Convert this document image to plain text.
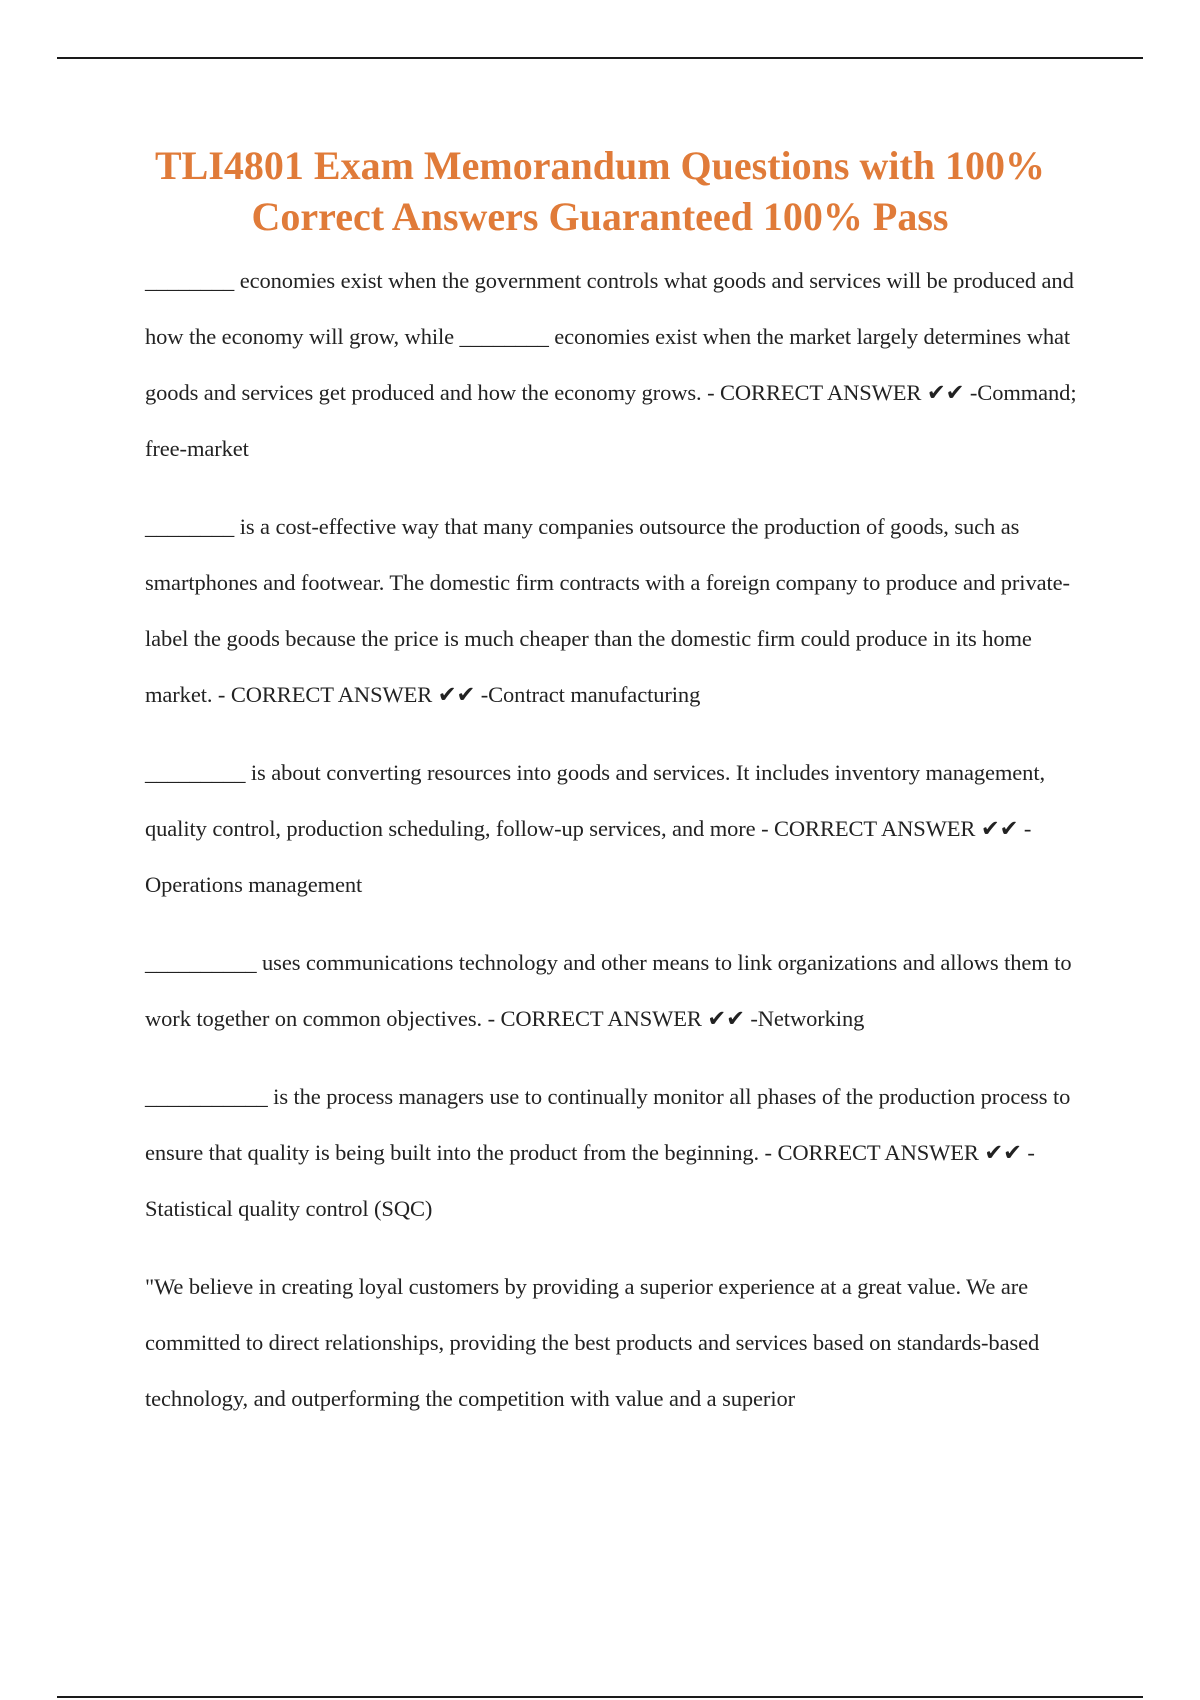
TLI4801 Exam Memorandum Questions with 100%
Correct Answers Guaranteed 100% Pass

________ economies exist when the government controls what goods and services will be produced and how the economy will grow, while ________ economies exist when the market largely determines what goods and services get produced and how the economy grows. - CORRECT ANSWER ✔✔ -Command; free-market

________ is a cost-effective way that many companies outsource the production of goods, such as smartphones and footwear. The domestic firm contracts with a foreign company to produce and private-label the goods because the price is much cheaper than the domestic firm could produce in its home market. - CORRECT ANSWER ✔✔ -Contract manufacturing

_________ is about converting resources into goods and services. It includes inventory management, quality control, production scheduling, follow-up services, and more - CORRECT ANSWER ✔✔ -Operations management

__________ uses communications technology and other means to link organizations and allows them to work together on common objectives. - CORRECT ANSWER ✔✔ -Networking

___________ is the process managers use to continually monitor all phases of the production process to ensure that quality is being built into the product from the beginning. - CORRECT ANSWER ✔✔ -Statistical quality control (SQC)

"We believe in creating loyal customers by providing a superior experience at a great value. We are committed to direct relationships, providing the best products and services based on standards-based technology, and outperforming the competition with value and a superior
